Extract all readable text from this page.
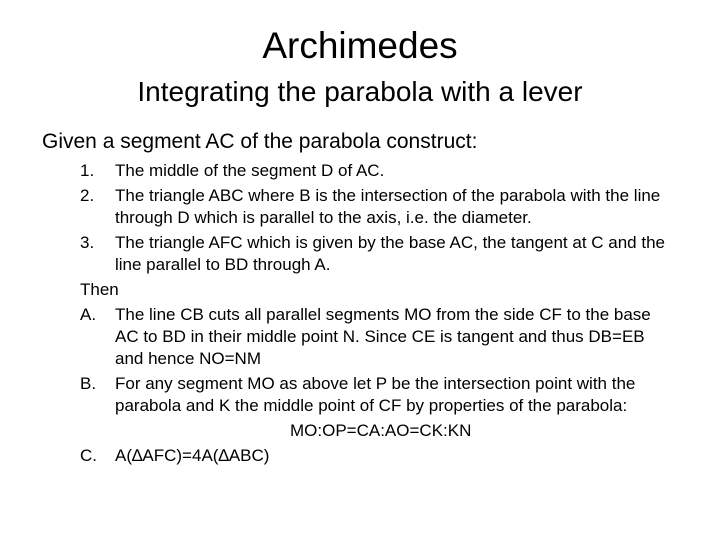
Archimedes
Integrating the parabola with a lever

Given a segment AC of the parabola construct:

1. The middle of the segment D of AC.
2. The triangle ABC where B is the intersection of the parabola with the line through D which is parallel to the axis, i.e. the diameter.
3. The triangle AFC which is given by the base AC, the tangent at C and the line parallel to BD through A.
Then
A. The line CB cuts all parallel segments MO from the side CF to the base AC to BD in their middle point N. Since CE is tangent and thus DB=EB and hence NO=NM
B. For any segment MO as above let P be the intersection point with the parabola and K the middle point of CF by properties of the parabola:
MO:OP=CA:AO=CK:KN
C. A(∆AFC)=4A(∆ABC)
